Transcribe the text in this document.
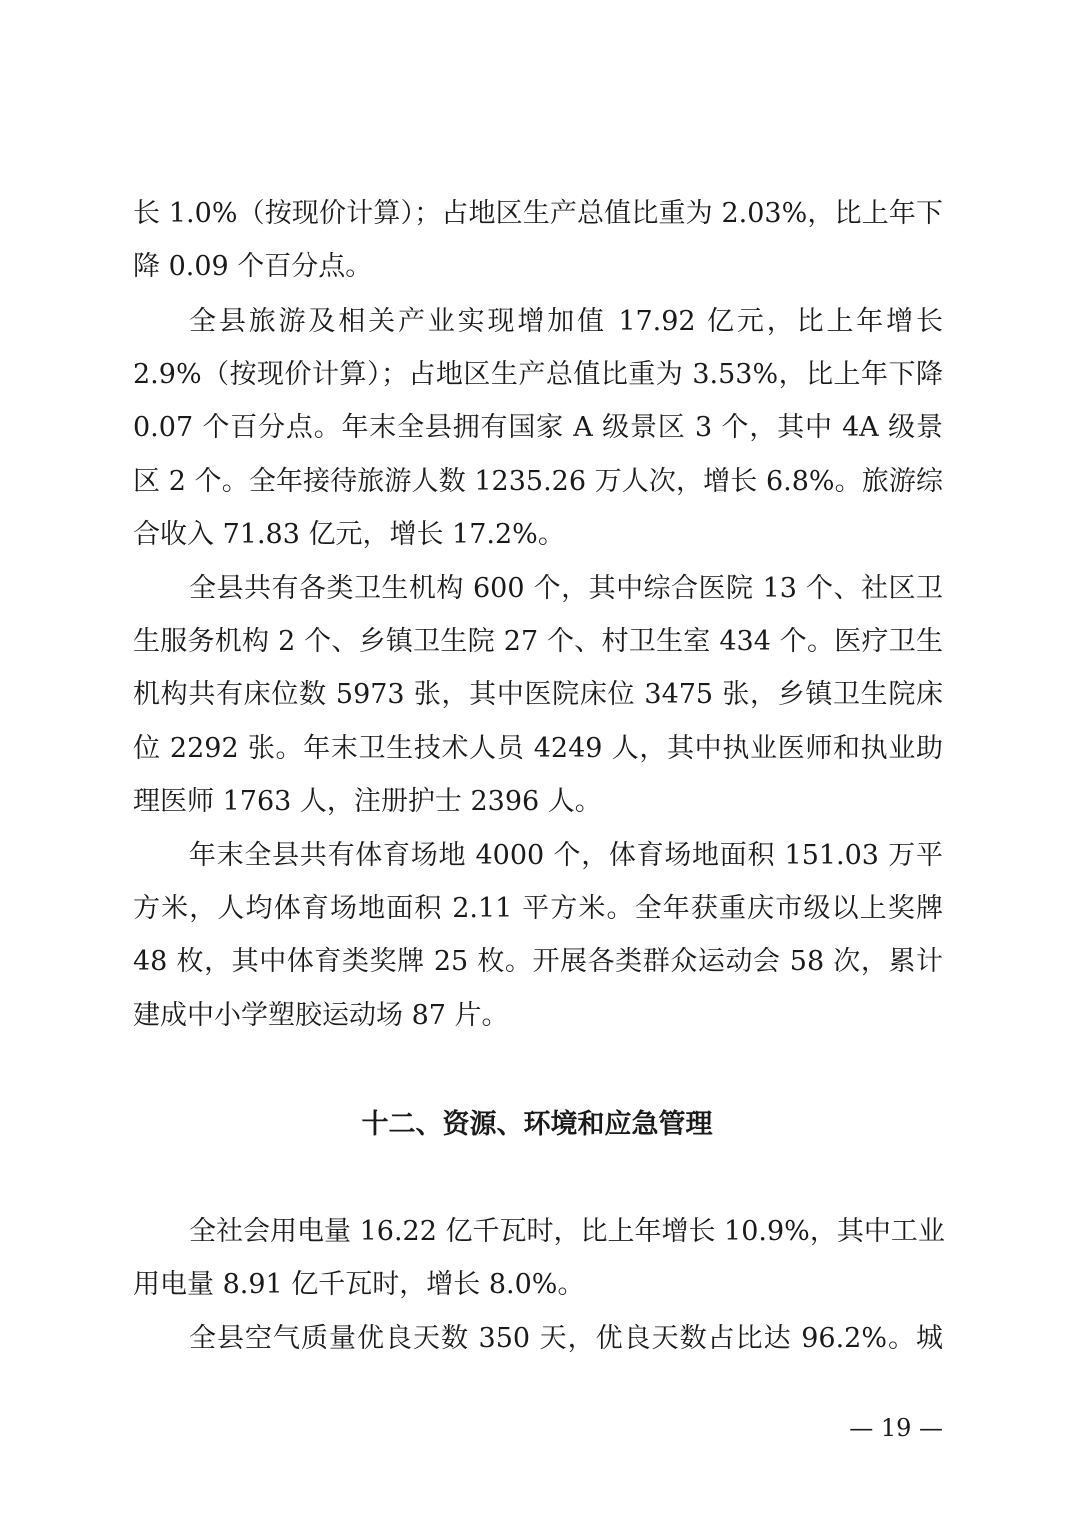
长 1.0%（按现价计算）；占地区生产总值比重为 2.03%，比上年下
降 0.09 个百分点。
全县旅游及相关产业实现增加值 17.92 亿元，比上年增长
2.9%（按现价计算）；占地区生产总值比重为 3.53%，比上年下降
0.07 个百分点。年末全县拥有国家 A 级景区 3 个，其中 4A 级景
区 2 个。全年接待旅游人数 1235.26 万人次，增长 6.8%。旅游综
合收入 71.83 亿元，增长 17.2%。
全县共有各类卫生机构 600 个，其中综合医院 13 个、社区卫
生服务机构 2 个、乡镇卫生院 27 个、村卫生室 434 个。医疗卫生
机构共有床位数 5973 张，其中医院床位 3475 张，乡镇卫生院床
位 2292 张。年末卫生技术人员 4249 人，其中执业医师和执业助
理医师 1763 人，注册护士 2396 人。
年末全县共有体育场地 4000 个，体育场地面积 151.03 万平
方米，人均体育场地面积 2.11 平方米。全年获重庆市级以上奖牌
48 枚，其中体育类奖牌 25 枚。开展各类群众运动会 58 次，累计
建成中小学塑胶运动场 87 片。
十二、资源、环境和应急管理
全社会用电量 16.22 亿千瓦时，比上年增长 10.9%，其中工业
用电量 8.91 亿千瓦时，增长 8.0%。
全县空气质量优良天数 350 天，优良天数占比达 96.2%。城
— 19 —
